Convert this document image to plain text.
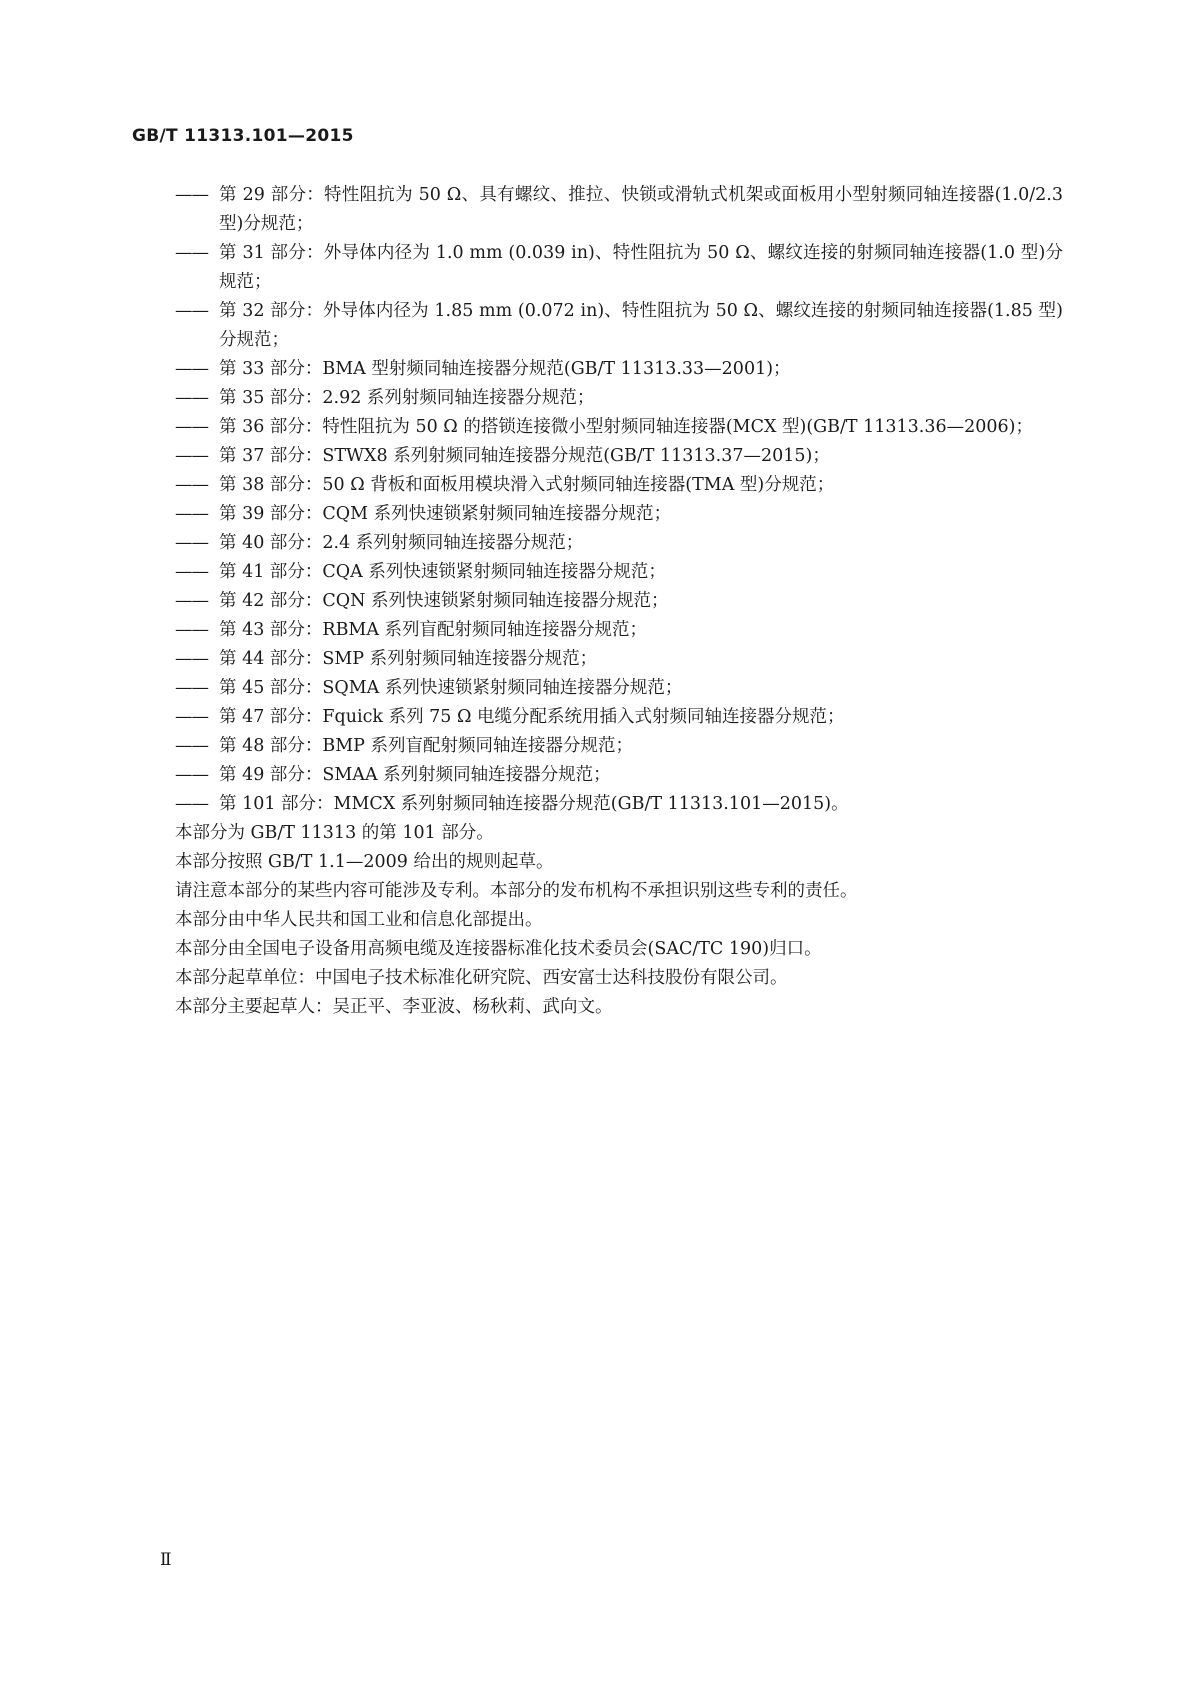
GB/T 11313.101—2015
—— 第 29 部分：特性阻抗为 50 Ω、具有螺纹、推拉、快锁或滑轨式机架或面板用小型射频同轴连接器(1.0/2.3 型)分规范；
—— 第 31 部分：外导体内径为 1.0 mm (0.039 in)、特性阻抗为 50 Ω、螺纹连接的射频同轴连接器(1.0 型)分规范；
—— 第 32 部分：外导体内径为 1.85 mm (0.072 in)、特性阻抗为 50 Ω、螺纹连接的射频同轴连接器(1.85 型)分规范；
—— 第 33 部分：BMA 型射频同轴连接器分规范(GB/T 11313.33—2001)；
—— 第 35 部分：2.92 系列射频同轴连接器分规范；
—— 第 36 部分：特性阻抗为 50 Ω 的搭锁连接微小型射频同轴连接器(MCX 型)(GB/T 11313.36—2006)；
—— 第 37 部分：STWX8 系列射频同轴连接器分规范(GB/T 11313.37—2015)；
—— 第 38 部分：50 Ω 背板和面板用模块滑入式射频同轴连接器(TMA 型)分规范；
—— 第 39 部分：CQM 系列快速锁紧射频同轴连接器分规范；
—— 第 40 部分：2.4 系列射频同轴连接器分规范；
—— 第 41 部分：CQA 系列快速锁紧射频同轴连接器分规范；
—— 第 42 部分：CQN 系列快速锁紧射频同轴连接器分规范；
—— 第 43 部分：RBMA 系列盲配射频同轴连接器分规范；
—— 第 44 部分：SMP 系列射频同轴连接器分规范；
—— 第 45 部分：SQMA 系列快速锁紧射频同轴连接器分规范；
—— 第 47 部分：Fquick 系列 75 Ω 电缆分配系统用插入式射频同轴连接器分规范；
—— 第 48 部分：BMP 系列盲配射频同轴连接器分规范；
—— 第 49 部分：SMAA 系列射频同轴连接器分规范；
—— 第 101 部分：MMCX 系列射频同轴连接器分规范(GB/T 11313.101—2015)。

本部分为 GB/T 11313 的第 101 部分。

本部分按照 GB/T 1.1—2009 给出的规则起草。

请注意本部分的某些内容可能涉及专利。本部分的发布机构不承担识别这些专利的责任。

本部分由中华人民共和国工业和信息化部提出。

本部分由全国电子设备用高频电缆及连接器标准化技术委员会(SAC/TC 190)归口。

本部分起草单位：中国电子技术标准化研究院、西安富士达科技股份有限公司。

本部分主要起草人：吴正平、李亚波、杨秋莉、武向文。

Ⅱ
